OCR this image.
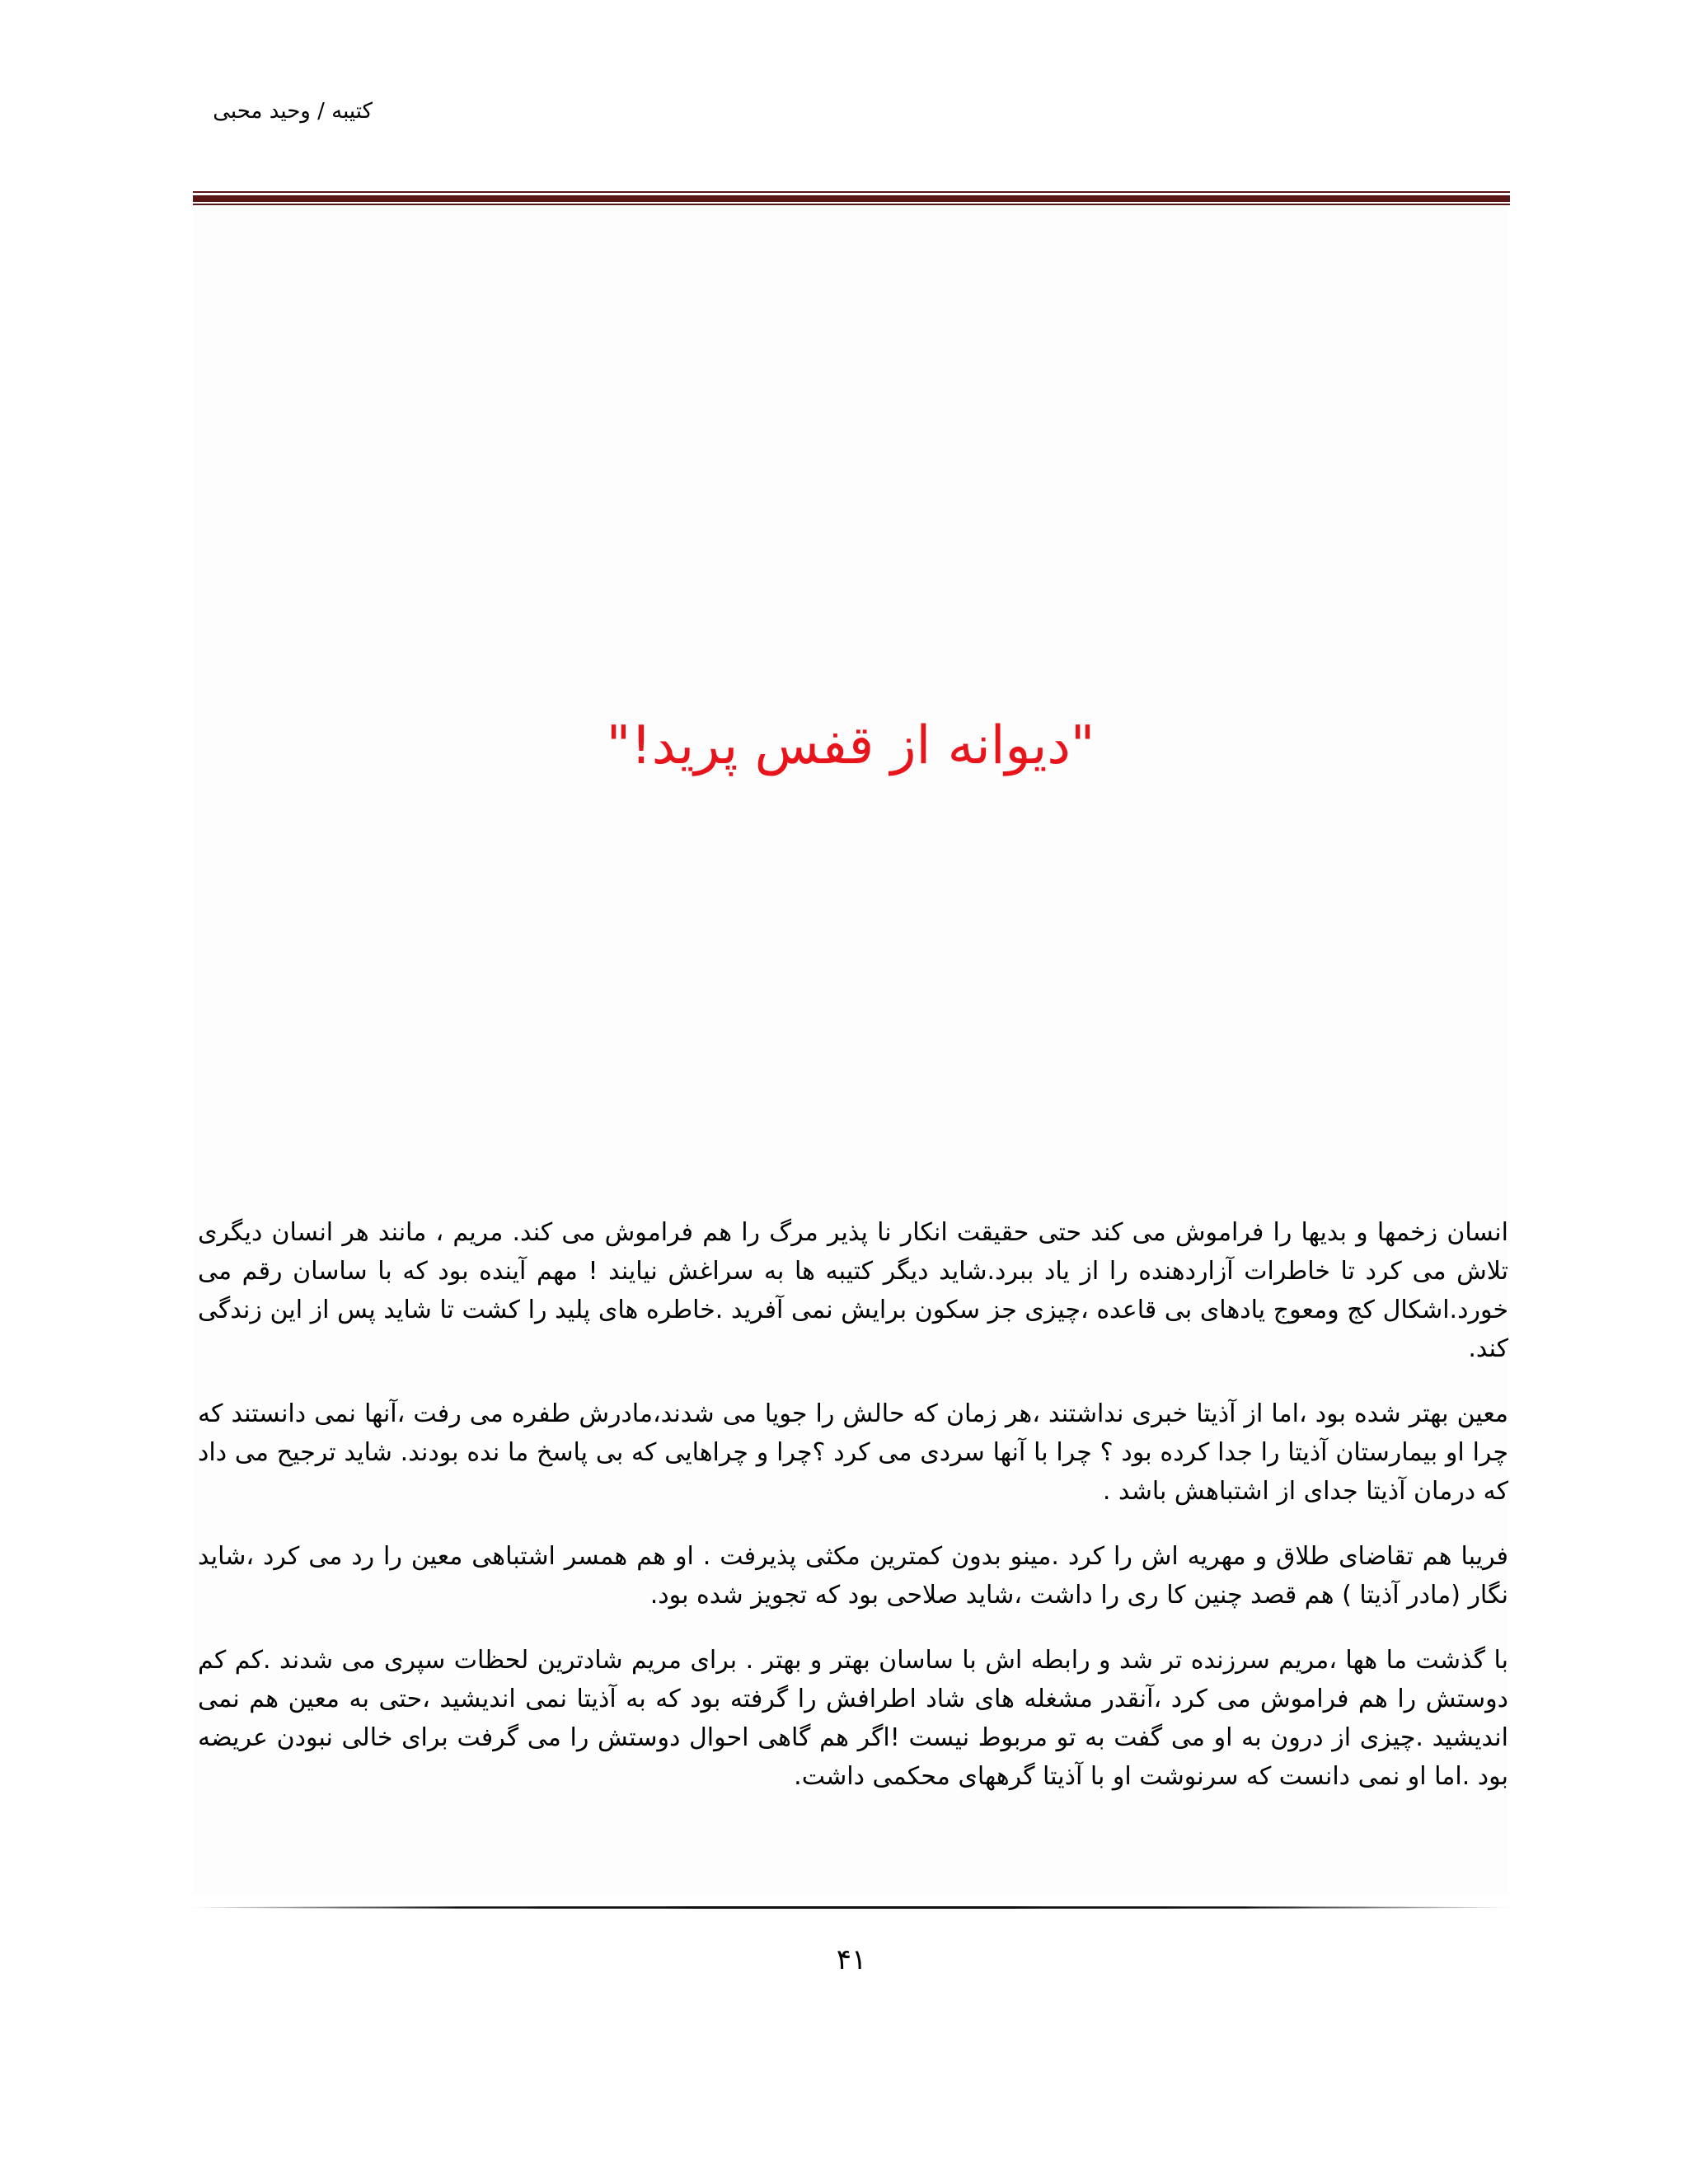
کتیبه / وحید محبی
"دیوانه از قفس پرید!"

انسان زخمها و بدیها را فراموش می کند حتی حقیقت انکار نا پذیر مرگ را هم فراموش می کند. مریم ، مانند هر انسان دیگری تلاش می کرد تا خاطرات آزاردهنده را از یاد ببرد.شاید دیگر کتیبه ها به سراغش نیایند ! مهم آینده بود که با ساسان رقم می خورد.اشکال کج ومعوج یادهای بی قاعده ،چیزی جز سکون برایش نمی آفرید .خاطره های پلید را کشت تا شاید پس از این زندگی کند.

معین بهتر شده بود ،اما از آذیتا خبری نداشتند ،هر زمان که حالش را جویا می شدند،مادرش طفره می رفت ،آنها نمی دانستند که چرا او بیمارستان آذیتا را جدا کرده بود ؟ چرا با آنها سردی می کرد ؟چرا و چراهایی که بی پاسخ ما نده بودند. شاید ترجیح می داد که درمان آذیتا جدای از اشتباهش باشد .

فریبا هم تقاضای طلاق و مهریه اش را کرد .مینو بدون کمترین مکثی پذیرفت . او هم همسر اشتباهی معین را رد می کرد ،شاید نگار (مادر آذیتا ) هم قصد چنین کا ری را داشت ،شاید صلاحی بود که تجویز شده بود.

با گذشت ما هها ،مریم سرزنده تر شد و رابطه اش با ساسان بهتر و بهتر . برای مریم شادترین لحظات سپری می شدند .کم کم دوستش را هم فراموش می کرد ،آنقدر مشغله های شاد اطرافش را گرفته بود که به آذیتا نمی اندیشید ،حتی به معین هم نمی اندیشید .چیزی از درون به او می گفت به تو مربوط نیست !اگر هم گاهی احوال دوستش را می گرفت برای خالی نبودن عریضه بود .اما او نمی دانست که سرنوشت او با آذیتا گرههای محکمی داشت.

۴۱
